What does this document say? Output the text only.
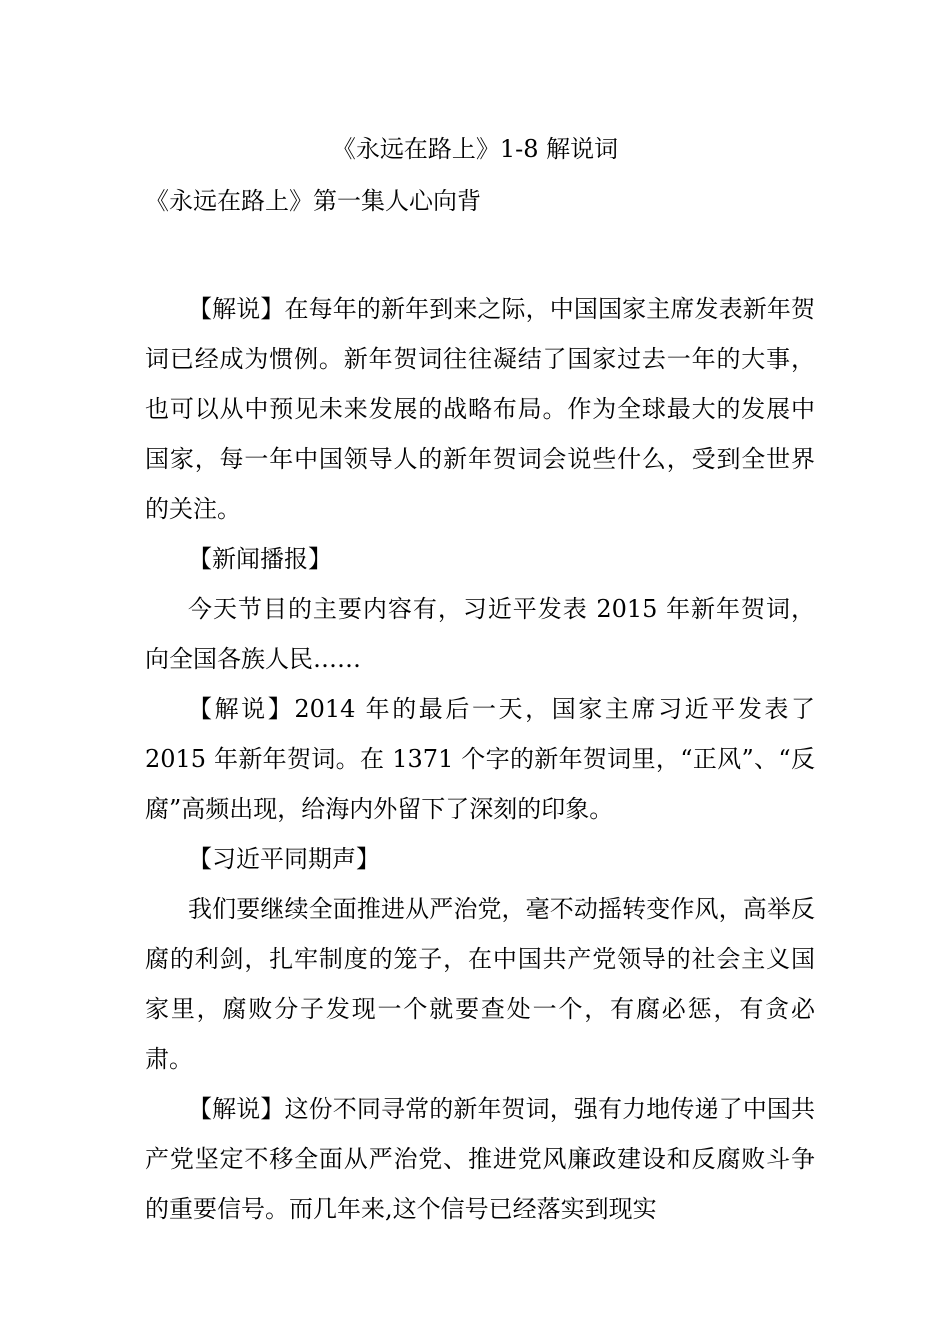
《永远在路上》1-8 解说词
《永远在路上》第一集人心向背

【解说】在每年的新年到来之际，中国国家主席发表新年贺词已经成为惯例。新年贺词往往凝结了国家过去一年的大事，也可以从中预见未来发展的战略布局。作为全球最大的发展中国家，每一年中国领导人的新年贺词会说些什么，受到全世界的关注。

【新闻播报】

今天节目的主要内容有，习近平发表 2015 年新年贺词，向全国各族人民……

【解说】2014 年的最后一天，国家主席习近平发表了 2015 年新年贺词。在 1371 个字的新年贺词里，“正风”、“反腐”高频出现，给海内外留下了深刻的印象。

【习近平同期声】

我们要继续全面推进从严治党，毫不动摇转变作风，高举反腐的利剑，扎牢制度的笼子，在中国共产党领导的社会主义国家里，腐败分子发现一个就要查处一个，有腐必惩，有贪必肃。

【解说】这份不同寻常的新年贺词，强有力地传递了中国共产党坚定不移全面从严治党、推进党风廉政建设和反腐败斗争的重要信号。而几年来,这个信号已经落实到现实
